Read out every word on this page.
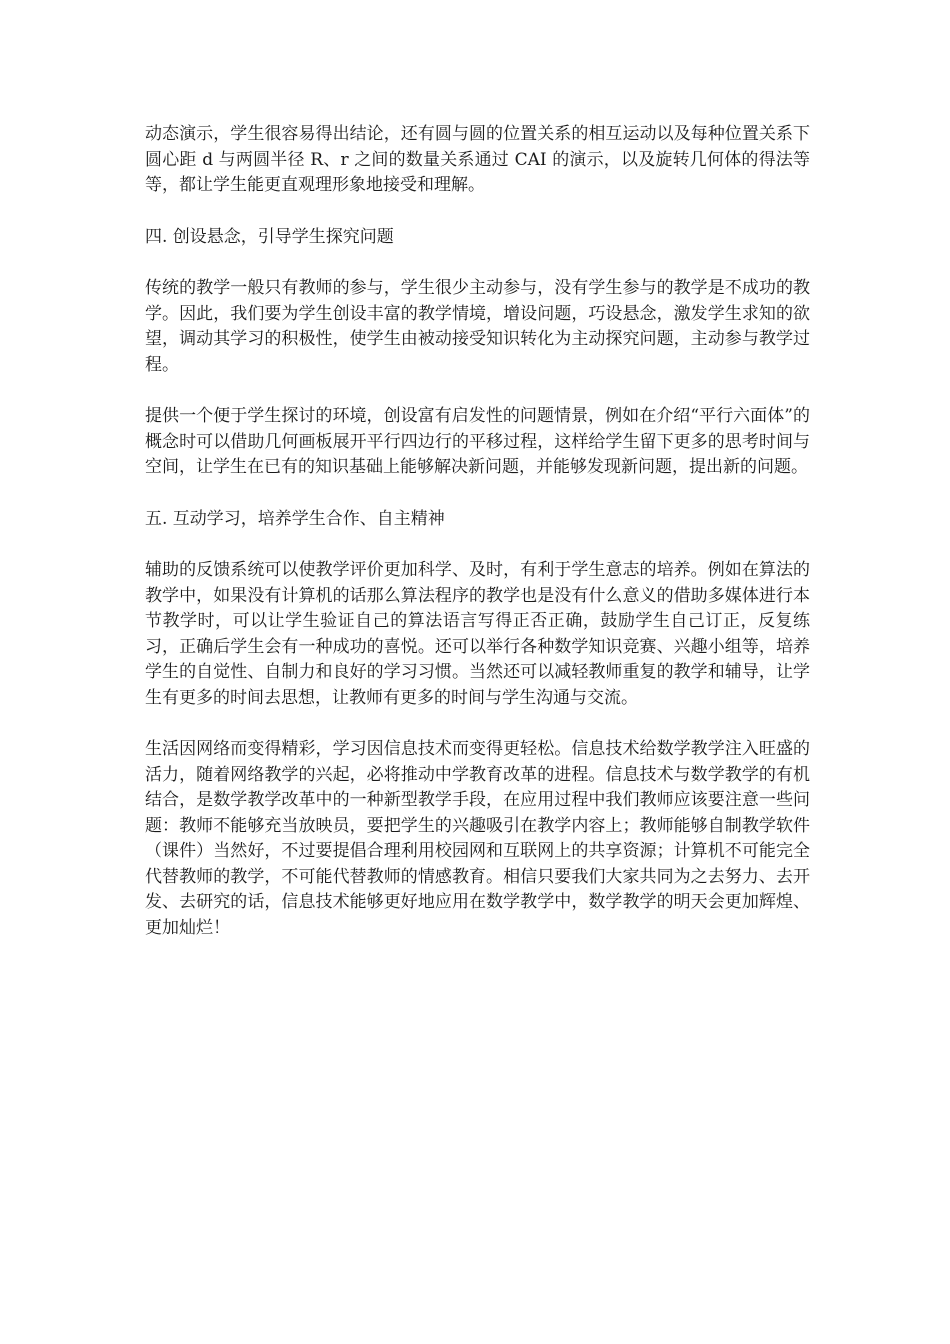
动态演示，学生很容易得出结论，还有圆与圆的位置关系的相互运动以及每种位置关系下圆心距 d 与两圆半径 R、r 之间的数量关系通过 CAI 的演示，以及旋转几何体的得法等等，都让学生能更直观理形象地接受和理解。

四. 创设悬念，引导学生探究问题

传统的教学一般只有教师的参与，学生很少主动参与，没有学生参与的教学是不成功的教学。因此，我们要为学生创设丰富的教学情境，增设问题，巧设悬念，激发学生求知的欲望，调动其学习的积极性，使学生由被动接受知识转化为主动探究问题，主动参与教学过程。

提供一个便于学生探讨的环境，创设富有启发性的问题情景，例如在介绍“平行六面体”的概念时可以借助几何画板展开平行四边行的平移过程，这样给学生留下更多的思考时间与空间，让学生在已有的知识基础上能够解决新问题，并能够发现新问题，提出新的问题。

五. 互动学习，培养学生合作、自主精神

辅助的反馈系统可以使教学评价更加科学、及时，有利于学生意志的培养。例如在算法的教学中，如果没有计算机的话那么算法程序的教学也是没有什么意义的借助多媒体进行本节教学时，可以让学生验证自己的算法语言写得正否正确，鼓励学生自己订正，反复练习，正确后学生会有一种成功的喜悦。还可以举行各种数学知识竞赛、兴趣小组等，培养学生的自觉性、自制力和良好的学习习惯。当然还可以减轻教师重复的教学和辅导，让学生有更多的时间去思想，让教师有更多的时间与学生沟通与交流。

生活因网络而变得精彩，学习因信息技术而变得更轻松。信息技术给数学教学注入旺盛的活力，随着网络教学的兴起，必将推动中学教育改革的进程。信息技术与数学教学的有机结合，是数学教学改革中的一种新型教学手段，在应用过程中我们教师应该要注意一些问题：教师不能够充当放映员，要把学生的兴趣吸引在教学内容上；教师能够自制教学软件（课件）当然好，不过要提倡合理利用校园网和互联网上的共享资源；计算机不可能完全代替教师的教学，不可能代替教师的情感教育。相信只要我们大家共同为之去努力、去开发、去研究的话，信息技术能够更好地应用在数学教学中，数学教学的明天会更加辉煌、更加灿烂！
